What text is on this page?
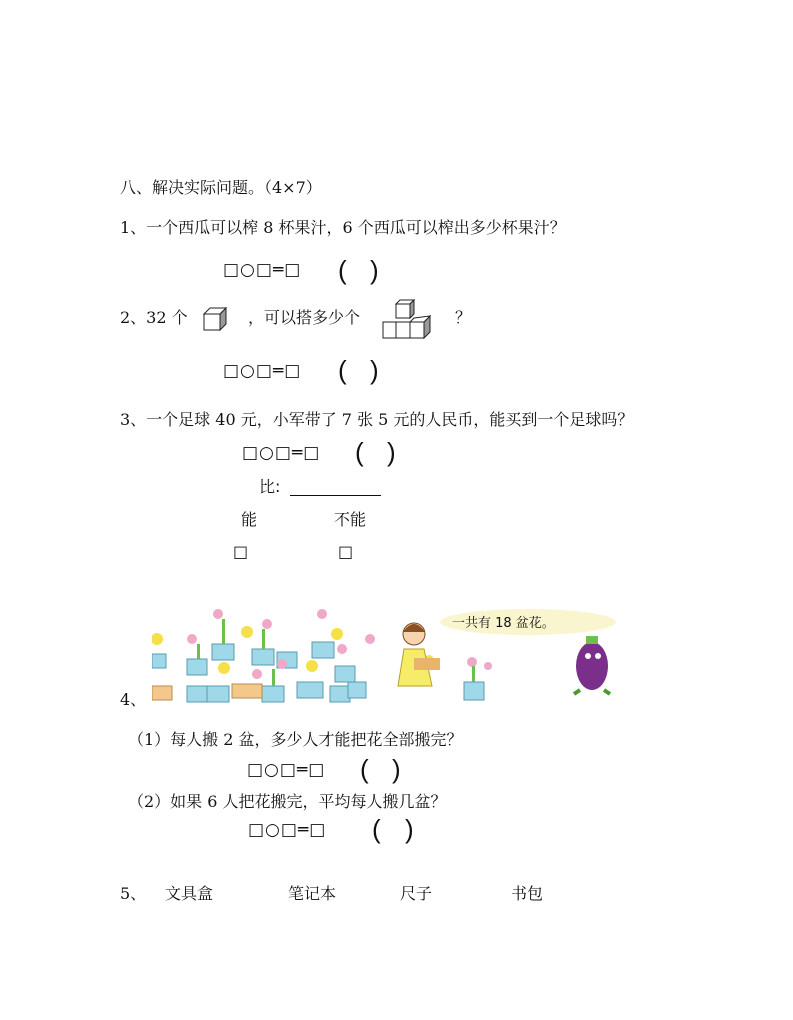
八、解决实际问题。（4×7）
1、一个西瓜可以榨 8 杯果汁，6 个西瓜可以榨出多少杯果汁？
□○□═□ ( )
2、32 个	，可以搭多少个	？
□○□═□ ( )
3、一个足球 40 元，小军带了 7 张 5 元的人民币，能买到一个足球吗？
□○□═□ ( )
比:
能	不能
□	□
一共有 18 盆花。
4、
（1）每人搬 2 盆，多少人才能把花全部搬完？
□○□═□ ( )
（2）如果 6 人把花搬完，平均每人搬几盆？
□○□═□ ( )
5、 文具盒	笔记本	尺子	书包
